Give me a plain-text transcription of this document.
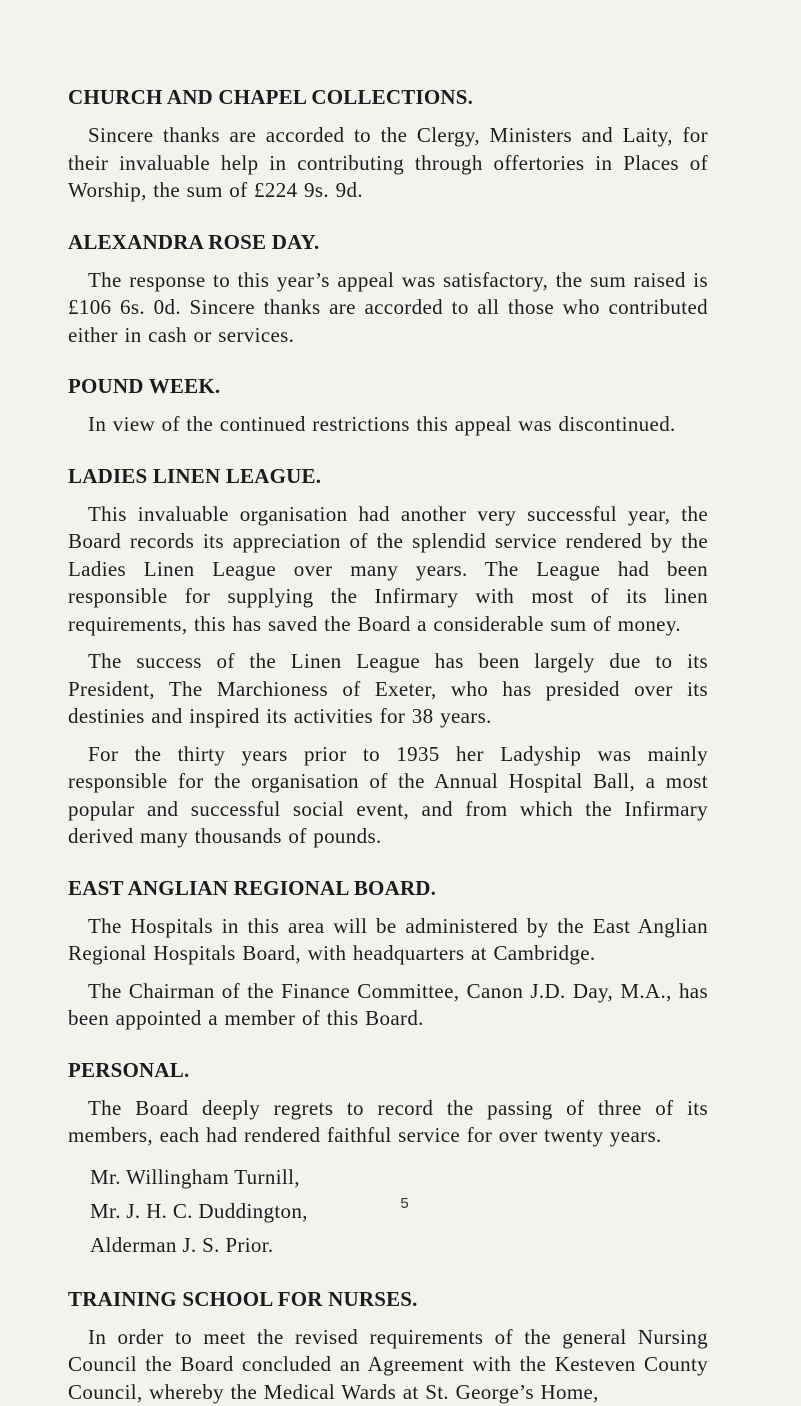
CHURCH AND CHAPEL COLLECTIONS.

Sincere thanks are accorded to the Clergy, Ministers and Laity, for their invaluable help in contributing through offertories in Places of Worship, the sum of £224 9s. 9d.

ALEXANDRA ROSE DAY.

The response to this year’s appeal was satisfactory, the sum raised is £106 6s. 0d. Sincere thanks are accorded to all those who contributed either in cash or services.

POUND WEEK.

In view of the continued restrictions this appeal was discontinued.

LADIES LINEN LEAGUE.

This invaluable organisation had another very successful year, the Board records its appreciation of the splendid service rendered by the Ladies Linen League over many years. The League had been responsible for supplying the Infirmary with most of its linen requirements, this has saved the Board a considerable sum of money.

The success of the Linen League has been largely due to its President, The Marchioness of Exeter, who has presided over its destinies and inspired its activities for 38 years.

For the thirty years prior to 1935 her Ladyship was mainly responsible for the organisation of the Annual Hospital Ball, a most popular and successful social event, and from which the Infirmary derived many thousands of pounds.

EAST ANGLIAN REGIONAL BOARD.

The Hospitals in this area will be administered by the East Anglian Regional Hospitals Board, with headquarters at Cambridge.

The Chairman of the Finance Committee, Canon J.D. Day, M.A., has been appointed a member of this Board.

PERSONAL.

The Board deeply regrets to record the passing of three of its members, each had rendered faithful service for over twenty years.

Mr. Willingham Turnill,
Mr. J. H. C. Duddington,
Alderman J. S. Prior.
TRAINING SCHOOL FOR NURSES.

In order to meet the revised requirements of the general Nursing Council the Board concluded an Agreement with the Kesteven County Council, whereby the Medical Wards at St. George’s Home,

5
